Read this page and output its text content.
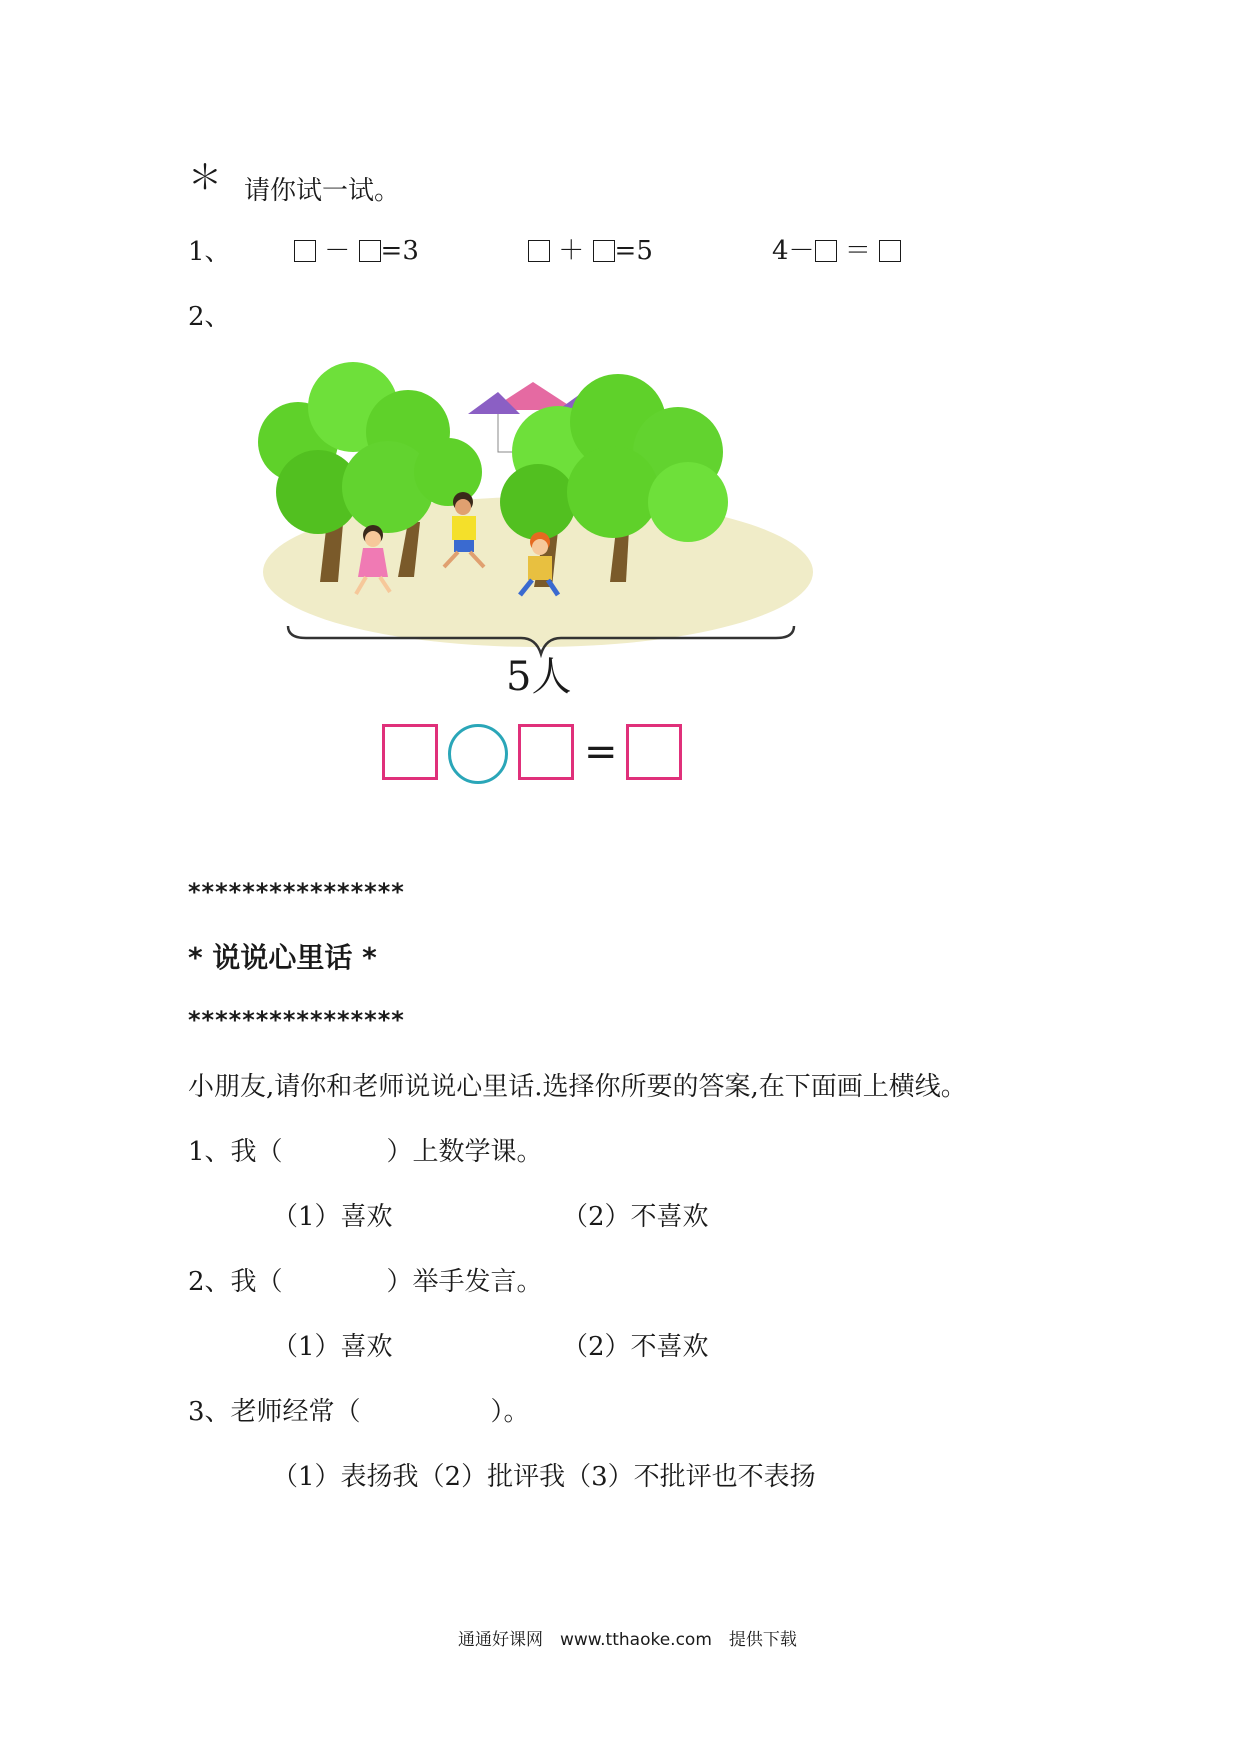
＊ 请你试一试。
1、	－ =3	＋ =5	4－ ＝
2、
5人
=
****************
* 说说心里话 *
****************
小朋友,请你和老师说说心里话.选择你所要的答案,在下面画上横线。
1、我（　　　　）上数学课。
（1）喜欢	（2）不喜欢
2、我（　　　　）举手发言。
（1）喜欢	（2）不喜欢
3、老师经常（　　　　　）。
（1）表扬我（2）批评我（3）不批评也不表扬
通通好课网　www.tthaoke.com　提供下载
